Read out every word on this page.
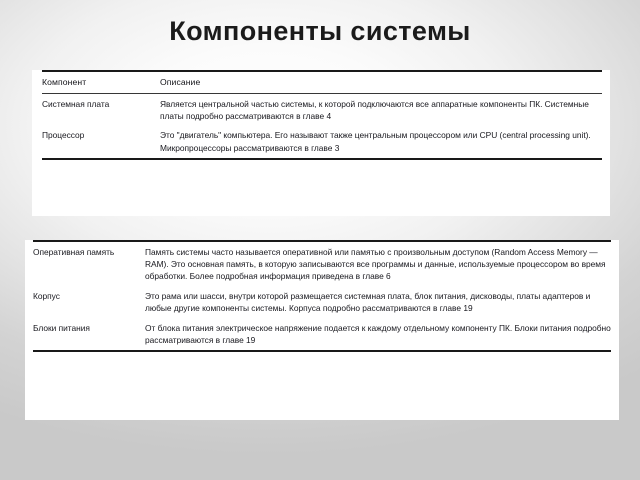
Компоненты системы
Компонент	Описание
Системная плата	Является центральной частью системы, к которой подключаются все аппаратные компоненты ПК. Системные платы подробно рассматриваются в главе 4
Процессор	Это "двигатель" компьютера. Его называют также центральным процессором или CPU (central processing unit). Микропроцессоры рассматриваются в главе 3
Оперативная память	Память системы часто называется оперативной или памятью с произвольным доступом (Random Access Memory — RAM). Это основная память, в которую записываются все программы и данные, используемые процессором во время обработки. Более подробная информация приведена в главе 6
Корпус	Это рама или шасси, внутри которой размещается системная плата, блок питания, дисководы, платы адаптеров и любые другие компоненты системы. Корпуса подробно рассматриваются в главе 19
Блоки питания	От блока питания электрическое напряжение подается к каждому отдельному компоненту ПК. Блоки питания подробно рассматриваются в главе 19
